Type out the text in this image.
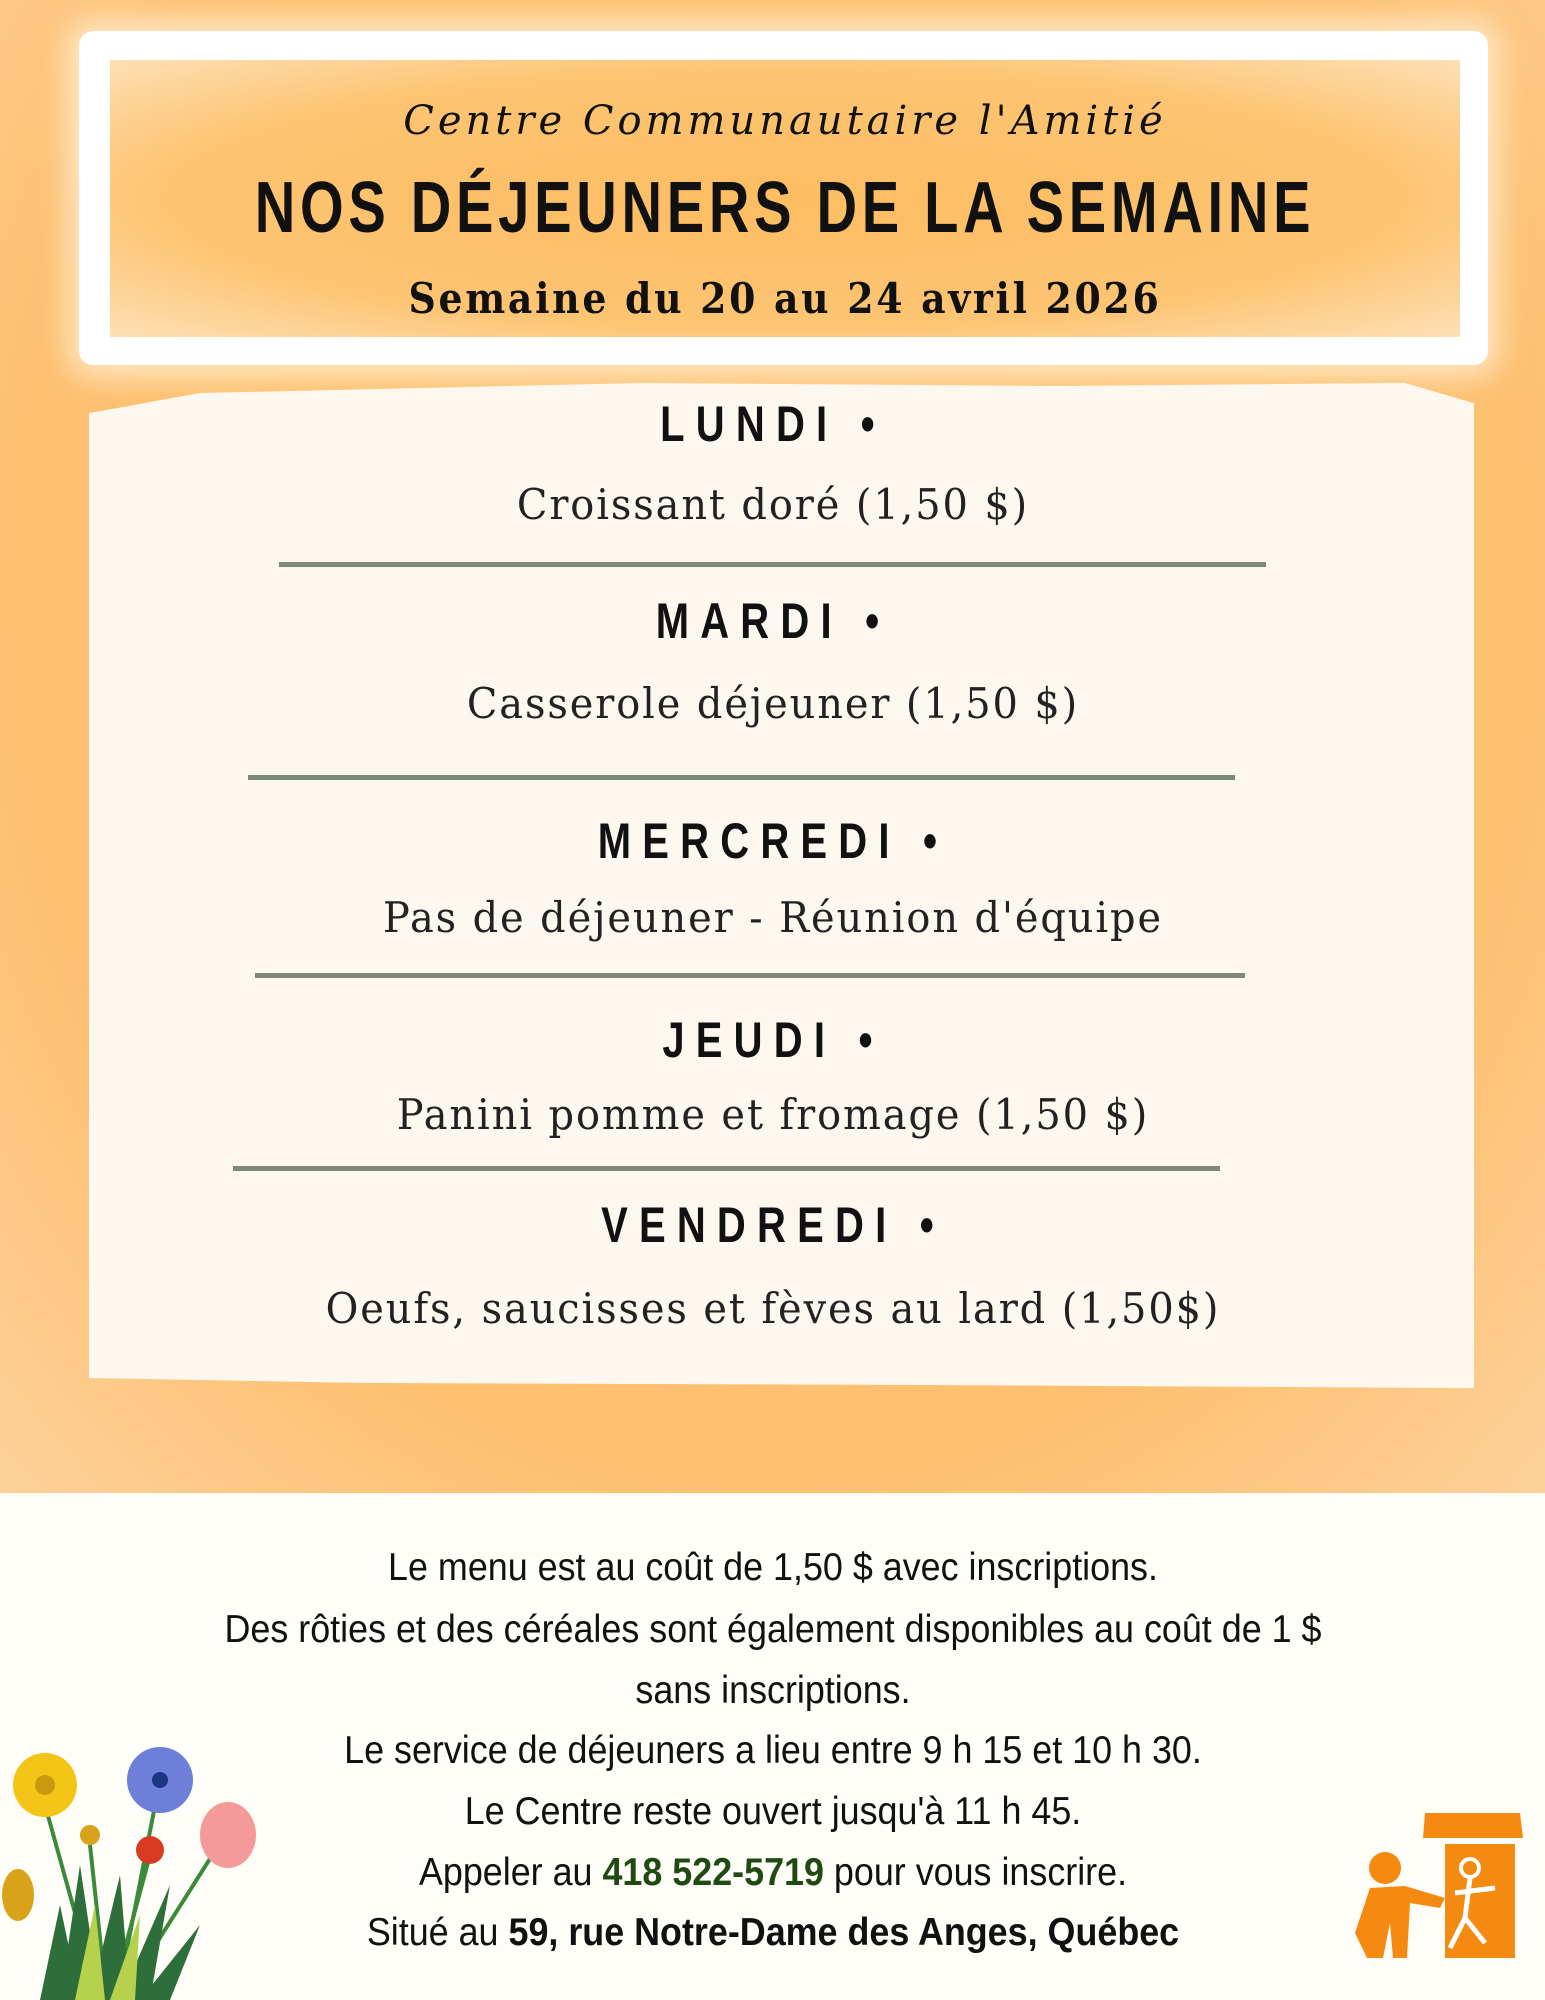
Centre Communautaire l'Amitié
NOS DÉJEUNERS DE LA SEMAINE
Semaine du 20 au 24 avril 2026
LUNDI •
Croissant doré (1,50 $)
MARDI •
Casserole déjeuner (1,50 $)
MERCREDI •
Pas de déjeuner - Réunion d'équipe
JEUDI •
Panini pomme et fromage (1,50 $)
VENDREDI •
Oeufs, saucisses et fèves au lard (1,50$)
Le menu est au coût de 1,50 $ avec inscriptions.
Des rôties et des céréales sont également disponibles au coût de 1 $
sans inscriptions.
Le service de déjeuners a lieu entre 9 h 15 et 10 h 30.
Le Centre reste ouvert jusqu'à 11 h 45.
Appeler au 418 522-5719 pour vous inscrire.
Situé au 59, rue Notre-Dame des Anges, Québec
